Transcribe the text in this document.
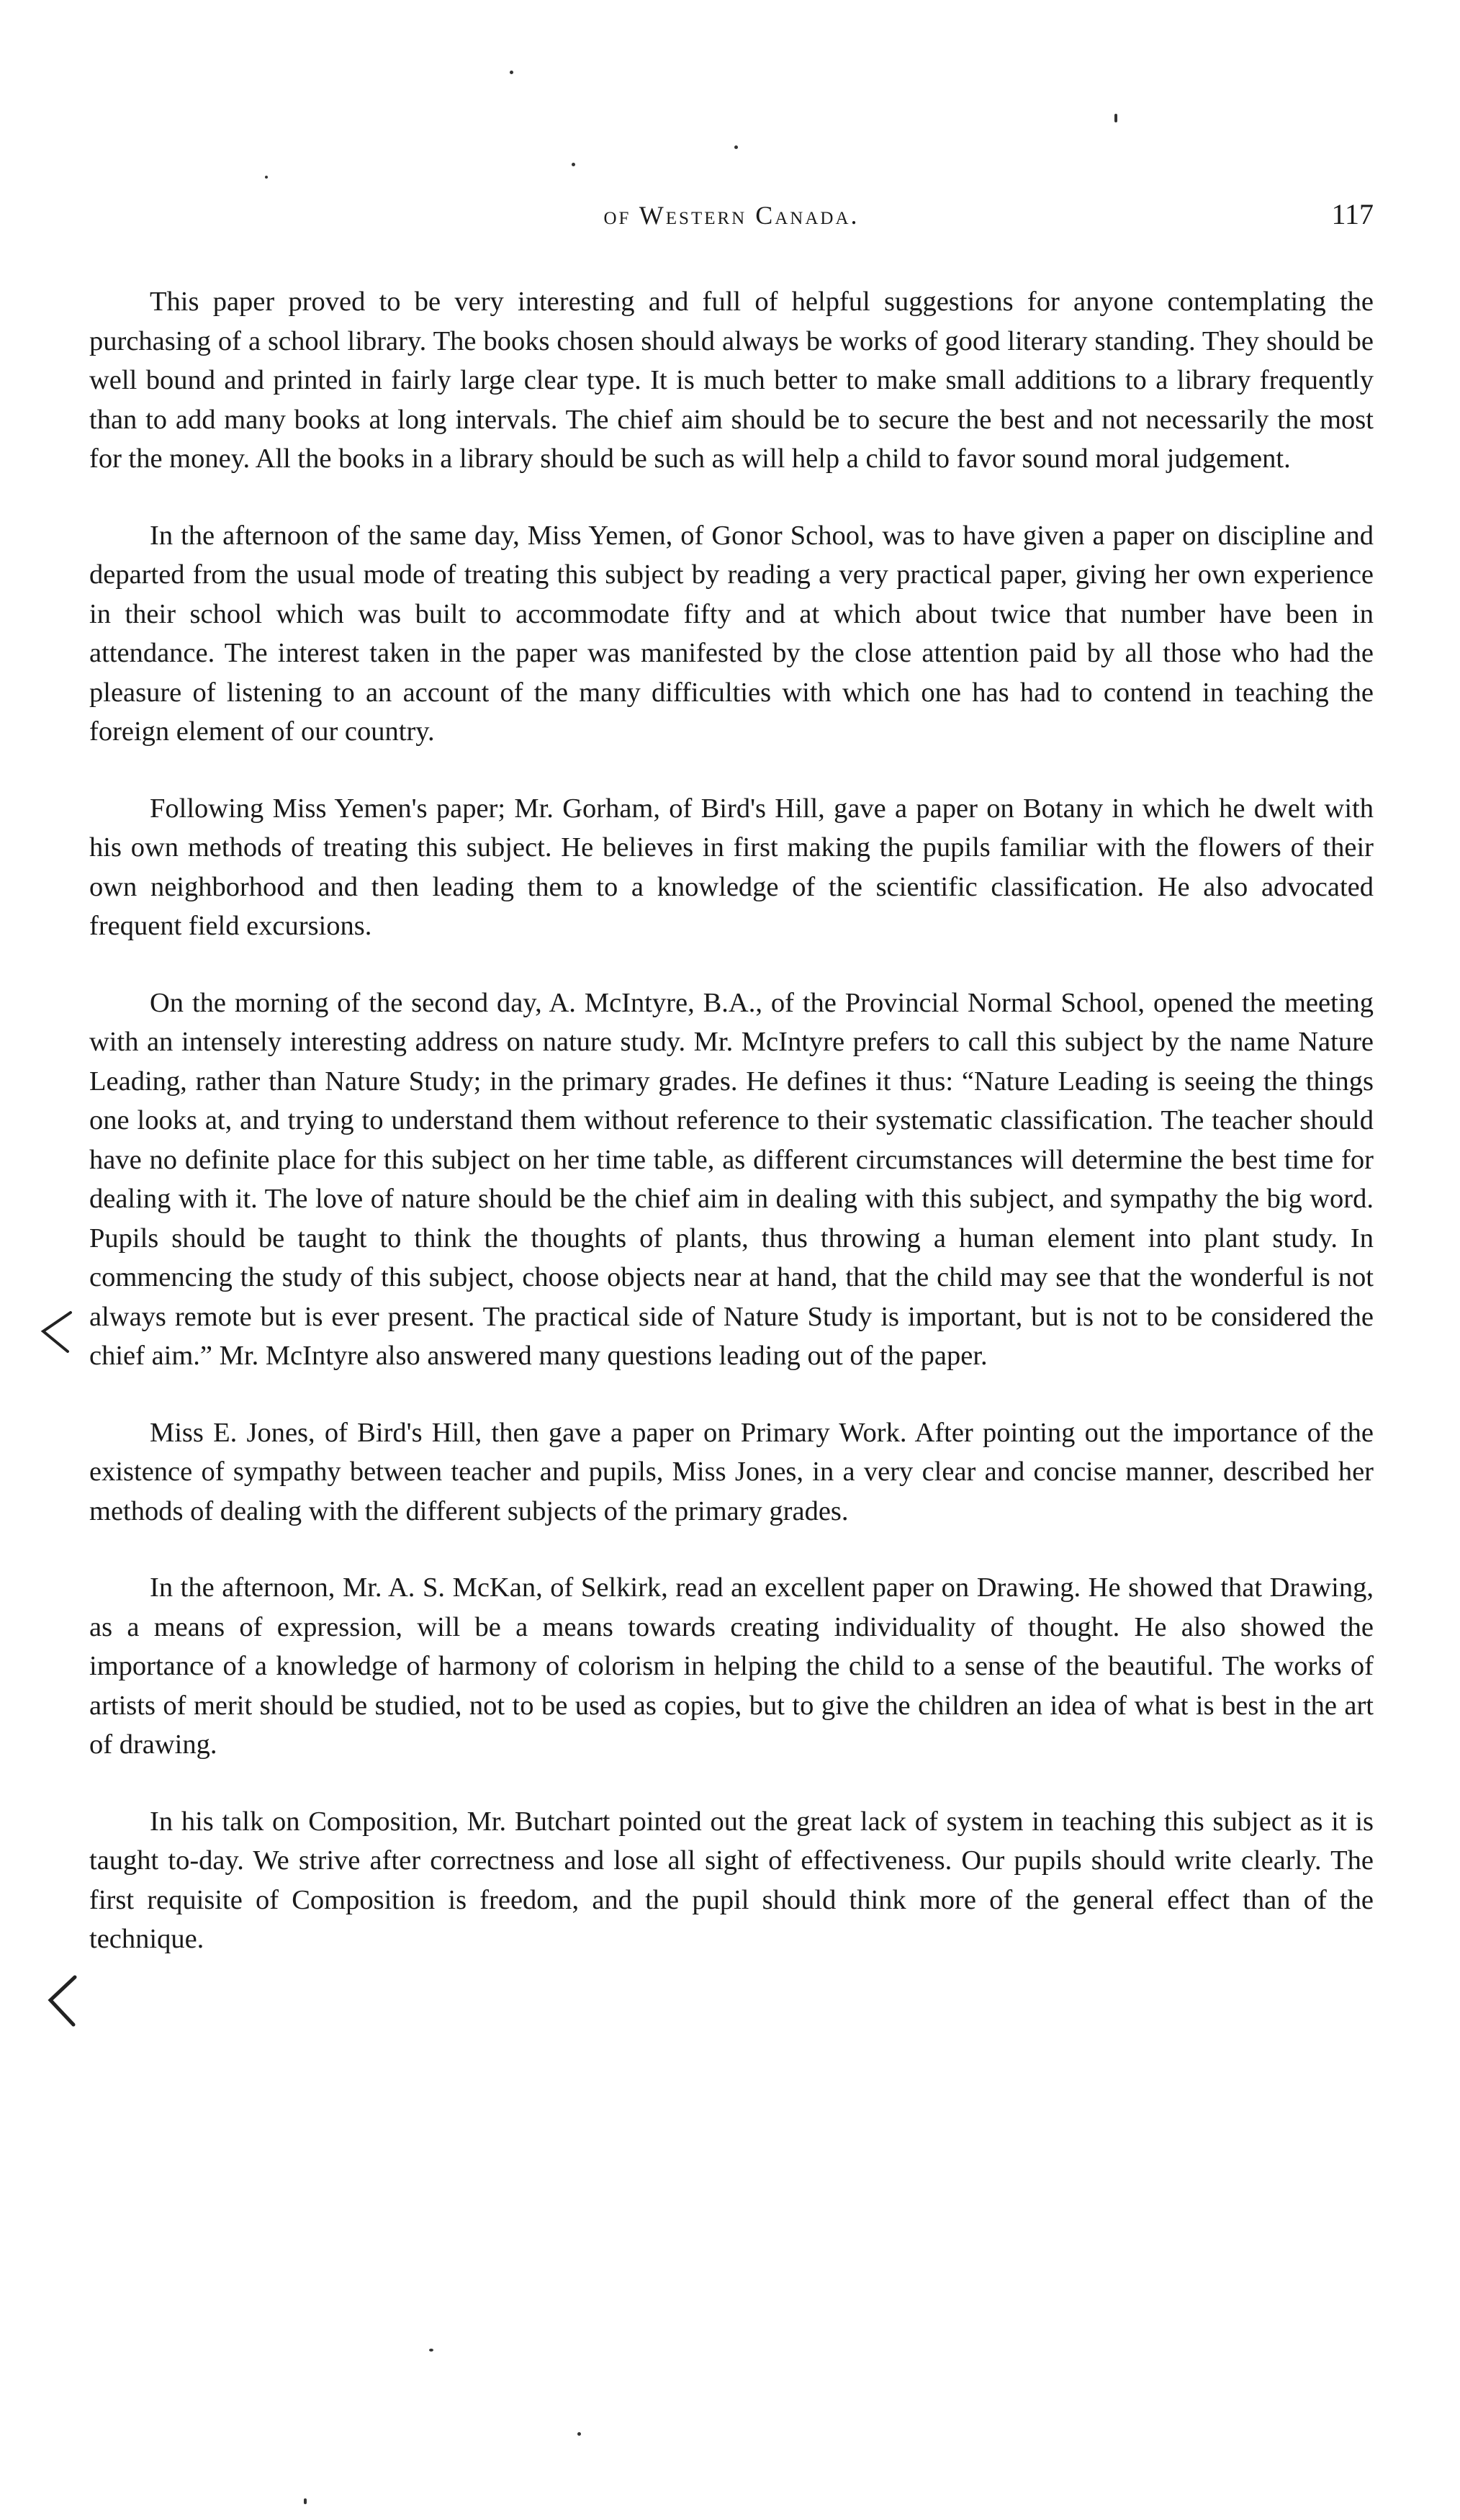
of Western Canada.	117

This paper proved to be very interesting and full of helpful suggestions for anyone contemplating the purchasing of a school library. The books chosen should always be works of good literary standing. They should be well bound and printed in fairly large clear type. It is much better to make small additions to a library frequently than to add many books at long intervals. The chief aim should be to secure the best and not necessarily the most for the money. All the books in a library should be such as will help a child to favor sound moral judgement.

In the afternoon of the same day, Miss Yemen, of Gonor School, was to have given a paper on discipline and departed from the usual mode of treating this subject by reading a very practical paper, giving her own experience in their school which was built to accommodate fifty and at which about twice that number have been in attendance. The interest taken in the paper was manifested by the close attention paid by all those who had the pleasure of listening to an account of the many difficulties with which one has had to contend in teaching the foreign element of our country.

Following Miss Yemen's paper; Mr. Gorham, of Bird's Hill, gave a paper on Botany in which he dwelt with his own methods of treating this subject. He believes in first making the pupils familiar with the flowers of their own neighborhood and then leading them to a knowledge of the scientific classification. He also advocated frequent field excursions.

On the morning of the second day, A. McIntyre, B.A., of the Provincial Normal School, opened the meeting with an intensely interesting address on nature study. Mr. McIntyre prefers to call this subject by the name Nature Leading, rather than Nature Study; in the primary grades. He defines it thus: “Nature Leading is seeing the things one looks at, and trying to understand them without reference to their systematic classification. The teacher should have no definite place for this subject on her time table, as different circumstances will determine the best time for dealing with it. The love of nature should be the chief aim in dealing with this subject, and sympathy the big word. Pupils should be taught to think the thoughts of plants, thus throwing a human element into plant study. In commencing the study of this subject, choose objects near at hand, that the child may see that the wonderful is not always remote but is ever present. The practical side of Nature Study is important, but is not to be considered the chief aim.” Mr. McIntyre also answered many questions leading out of the paper.

Miss E. Jones, of Bird's Hill, then gave a paper on Primary Work. After pointing out the importance of the existence of sympathy between teacher and pupils, Miss Jones, in a very clear and concise manner, described her methods of dealing with the different subjects of the primary grades.

In the afternoon, Mr. A. S. McKan, of Selkirk, read an excellent paper on Drawing. He showed that Drawing, as a means of expression, will be a means towards creating individuality of thought. He also showed the importance of a knowledge of harmony of colorism in helping the child to a sense of the beautiful. The works of artists of merit should be studied, not to be used as copies, but to give the children an idea of what is best in the art of drawing.

In his talk on Composition, Mr. Butchart pointed out the great lack of system in teaching this subject as it is taught to-day. We strive after correctness and lose all sight of effectiveness. Our pupils should write clearly. The first requisite of Composition is freedom, and the pupil should think more of the general effect than of the technique.
